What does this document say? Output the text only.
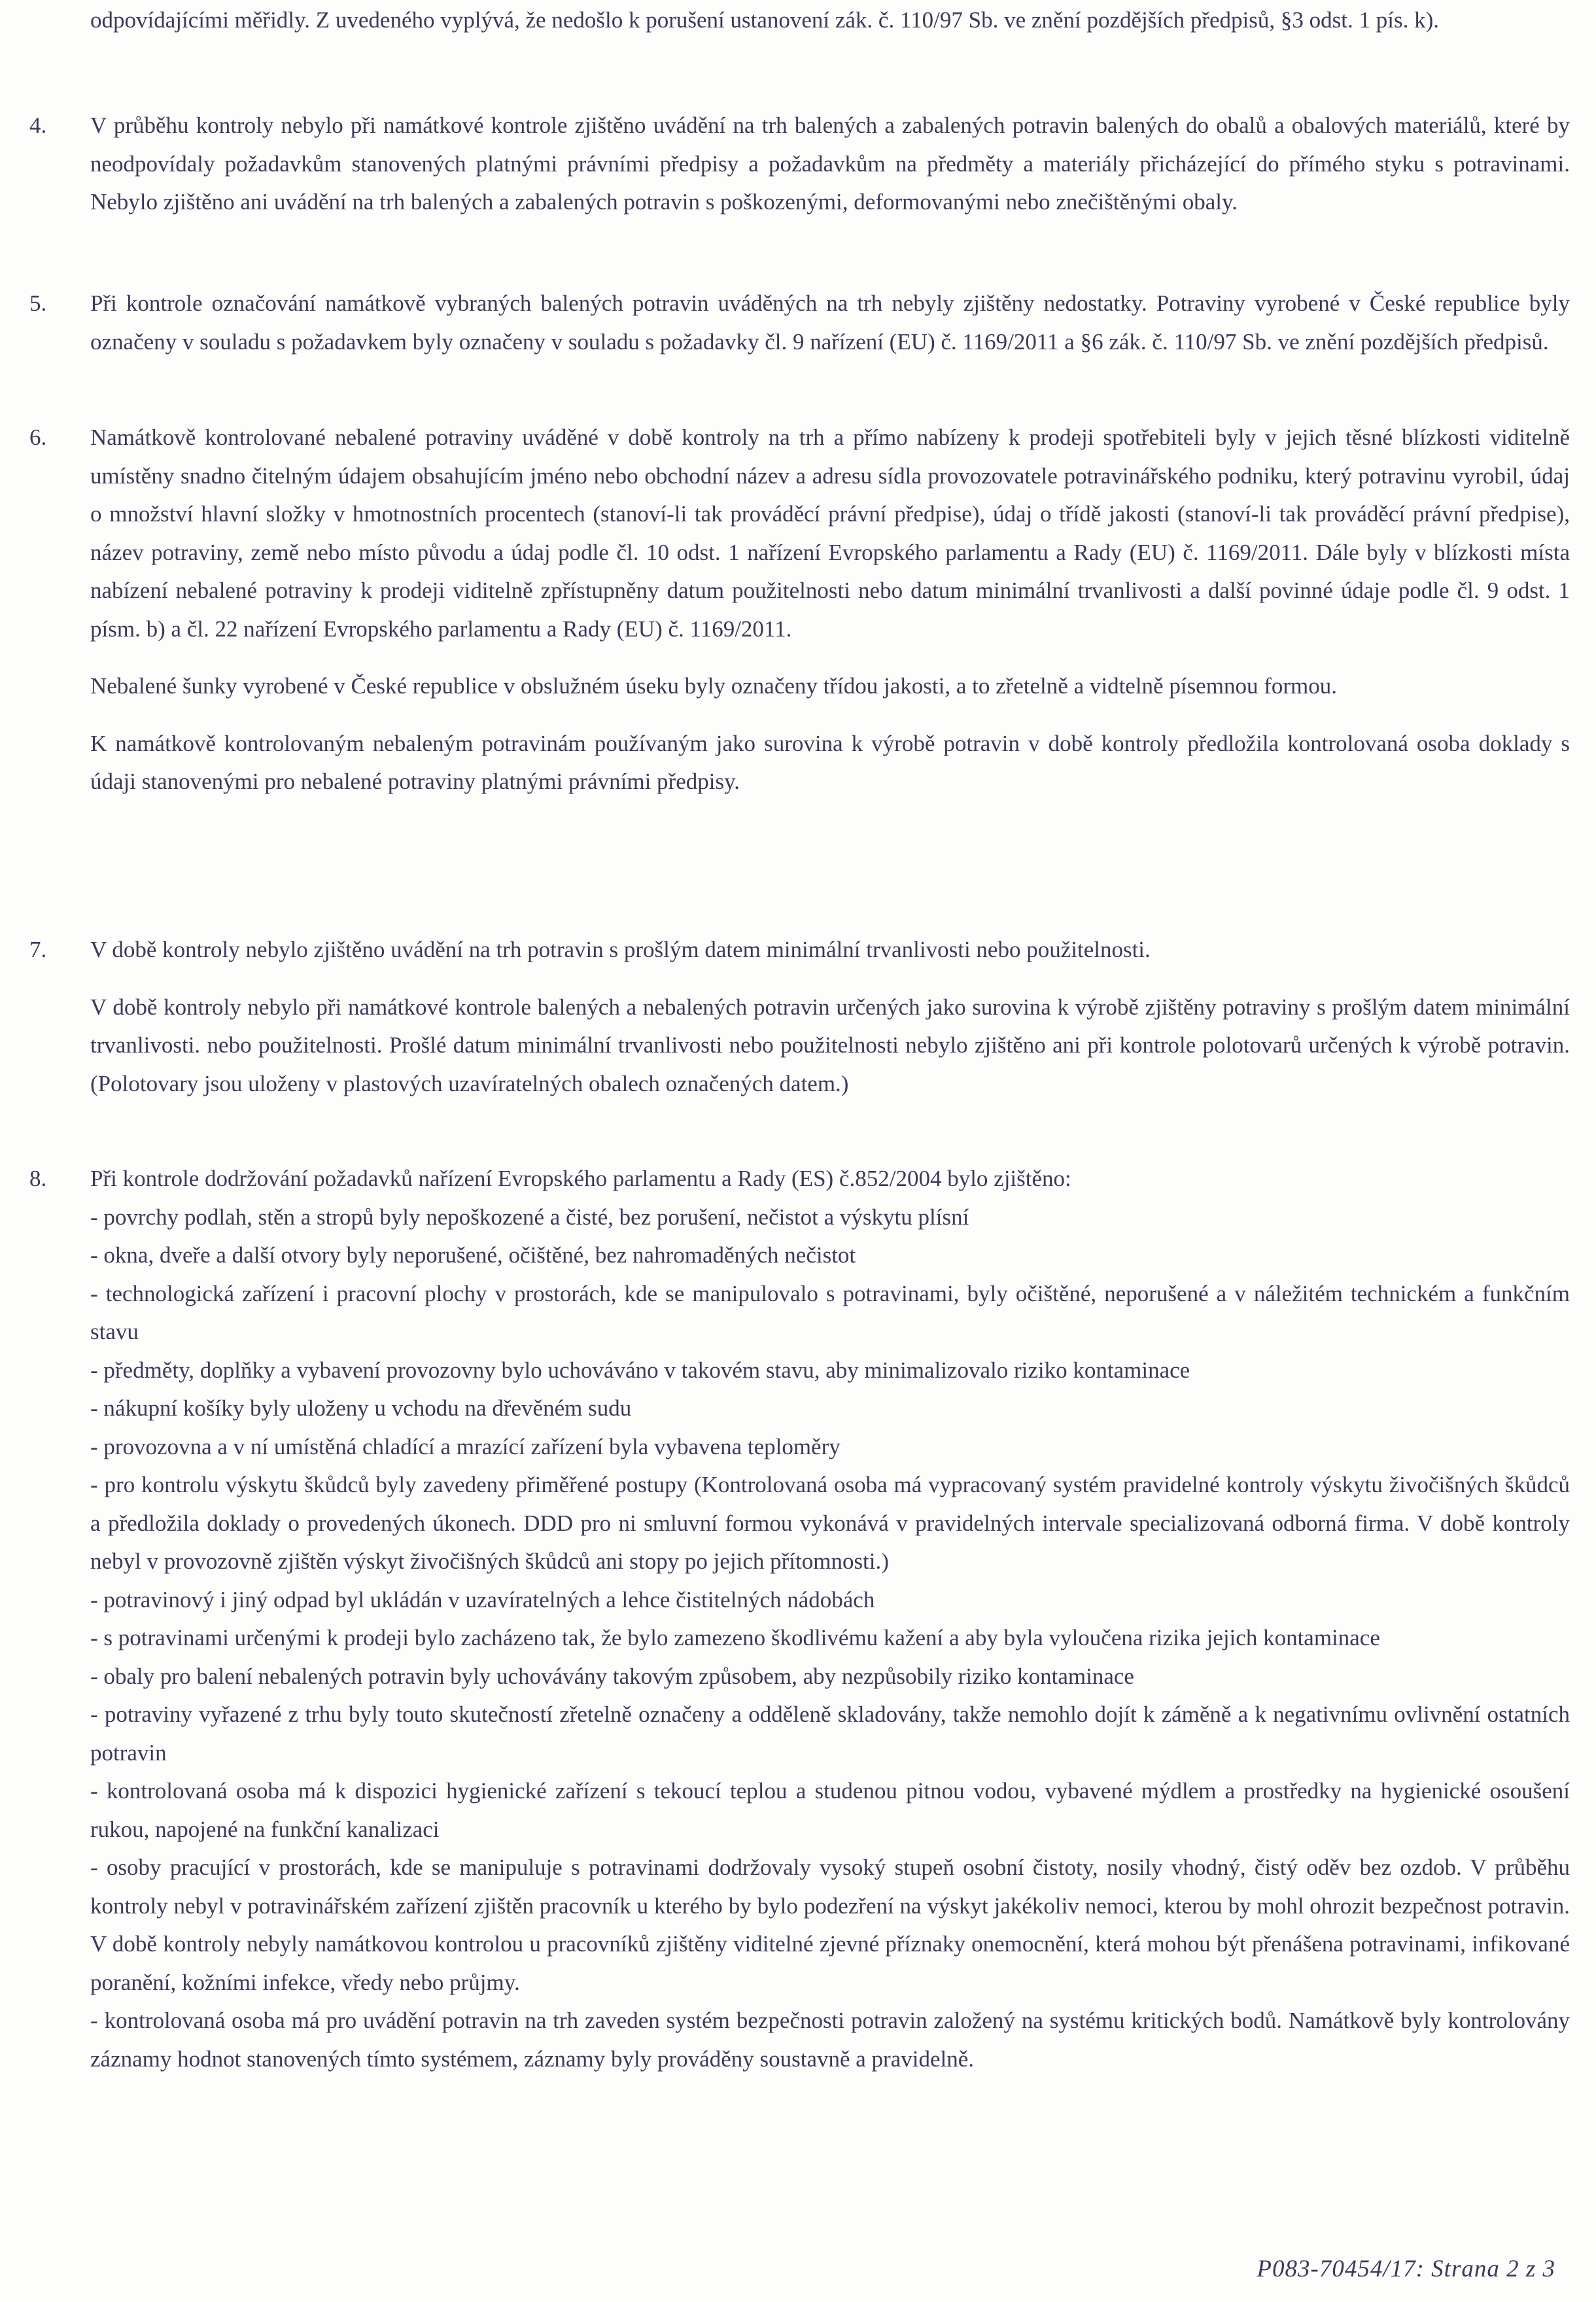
odpovídajícími měřidly. Z uvedeného vyplývá, že nedošlo k porušení ustanovení zák. č. 110/97 Sb. ve znění pozdějších předpisů, §3 odst. 1 pís. k).
4.	V průběhu kontroly nebylo při namátkové kontrole zjištěno uvádění na trh balených a zabalených potravin balených do obalů a obalových materiálů, které by neodpovídaly požadavkům stanovených platnými právními předpisy a požadavkům na předměty a materiály přicházející do přímého styku s potravinami. Nebylo zjištěno ani uvádění na trh balených a zabalených potravin s poškozenými, deformovanými nebo znečištěnými obaly.

5.	Při kontrole označování namátkově vybraných balených potravin uváděných na trh nebyly zjištěny nedostatky. Potraviny vyrobené v České republice byly označeny v souladu s požadavkem byly označeny v souladu s požadavky čl. 9 nařízení (EU) č. 1169/2011 a §6 zák. č. 110/97 Sb. ve znění pozdějších předpisů.

6.	Namátkově kontrolované nebalené potraviny uváděné v době kontroly na trh a přímo nabízeny k prodeji spotřebiteli byly v jejich těsné blízkosti viditelně umístěny snadno čitelným údajem obsahujícím jméno nebo obchodní název a adresu sídla provozovatele potravinářského podniku, který potravinu vyrobil, údaj o množství hlavní složky v hmotnostních procentech (stanoví-li tak prováděcí právní předpise), údaj o třídě jakosti (stanoví-li tak prováděcí právní předpise), název potraviny, země nebo místo původu a údaj podle čl. 10 odst. 1 nařízení Evropského parlamentu a Rady (EU) č. 1169/2011. Dále byly v blízkosti místa nabízení nebalené potraviny k prodeji viditelně zpřístupněny datum použitelnosti nebo datum minimální trvanlivosti a další povinné údaje podle čl. 9 odst. 1 písm. b) a čl. 22 nařízení Evropského parlamentu a Rady (EU) č. 1169/2011.

Nebalené šunky vyrobené v České republice v obslužném úseku byly označeny třídou jakosti, a to zřetelně a vidtelně písemnou formou.

K namátkově kontrolovaným nebaleným potravinám používaným jako surovina k výrobě potravin v době kontroly předložila kontrolovaná osoba doklady s údaji stanovenými pro nebalené potraviny platnými právními předpisy.

7.	V době kontroly nebylo zjištěno uvádění na trh potravin s prošlým datem minimální trvanlivosti nebo použitelnosti.

V době kontroly nebylo při namátkové kontrole balených a nebalených potravin určených jako surovina k výrobě zjištěny potraviny s prošlým datem minimální trvanlivosti. nebo použitelnosti. Prošlé datum minimální trvanlivosti nebo použitelnosti nebylo zjištěno ani při kontrole polotovarů určených k výrobě potravin. (Polotovary jsou uloženy v plastových uzavíratelných obalech označených datem.)

8.	Při kontrole dodržování požadavků nařízení Evropského parlamentu a Rady (ES) č.852/2004 bylo zjištěno:

- povrchy podlah, stěn a stropů byly nepoškozené a čisté, bez porušení, nečistot a výskytu plísní

- okna, dveře a další otvory byly neporušené, očištěné, bez nahromaděných nečistot

- technologická zařízení i pracovní plochy v prostorách, kde se manipulovalo s potravinami, byly očištěné, neporušené a v náležitém technickém a funkčním stavu

- předměty, doplňky a vybavení provozovny bylo uchováváno v takovém stavu, aby minimalizovalo riziko kontaminace

- nákupní košíky byly uloženy u vchodu na dřevěném sudu

- provozovna a v ní umístěná chladící a mrazící zařízení byla vybavena teploměry

- pro kontrolu výskytu škůdců byly zavedeny přiměřené postupy (Kontrolovaná osoba má vypracovaný systém pravidelné kontroly výskytu živočišných škůdců a předložila doklady o provedených úkonech. DDD pro ni smluvní formou vykonává v pravidelných intervale specializovaná odborná firma. V době kontroly nebyl v provozovně zjištěn výskyt živočišných škůdců ani stopy po jejich přítomnosti.)

- potravinový i jiný odpad byl ukládán v uzavíratelných a lehce čistitelných nádobách

- s potravinami určenými k prodeji bylo zacházeno tak, že bylo zamezeno škodlivému kažení a aby byla vyloučena rizika jejich kontaminace

- obaly pro balení nebalených potravin byly uchovávány takovým způsobem, aby nezpůsobily riziko kontaminace

- potraviny vyřazené z trhu byly touto skutečností zřetelně označeny a odděleně skladovány, takže nemohlo dojít k záměně a k negativnímu ovlivnění ostatních potravin

- kontrolovaná osoba má k dispozici hygienické zařízení s tekoucí teplou a studenou pitnou vodou, vybavené mýdlem a prostředky na hygienické osoušení rukou, napojené na funkční kanalizaci

- osoby pracující v prostorách, kde se manipuluje s potravinami dodržovaly vysoký stupeň osobní čistoty, nosily vhodný, čistý oděv bez ozdob. V průběhu kontroly nebyl v potravinářském zařízení zjištěn pracovník u kterého by bylo podezření na výskyt jakékoliv nemoci, kterou by mohl ohrozit bezpečnost potravin. V době kontroly nebyly namátkovou kontrolou u pracovníků zjištěny viditelné zjevné příznaky onemocnění, která mohou být přenášena potravinami, infikované poranění, kožními infekce, vředy nebo průjmy.

- kontrolovaná osoba má pro uvádění potravin na trh zaveden systém bezpečnosti potravin založený na systému kritických bodů. Namátkově byly kontrolovány záznamy hodnot stanovených tímto systémem, záznamy byly prováděny soustavně a pravidelně.

P083-70454/17: Strana 2 z 3
